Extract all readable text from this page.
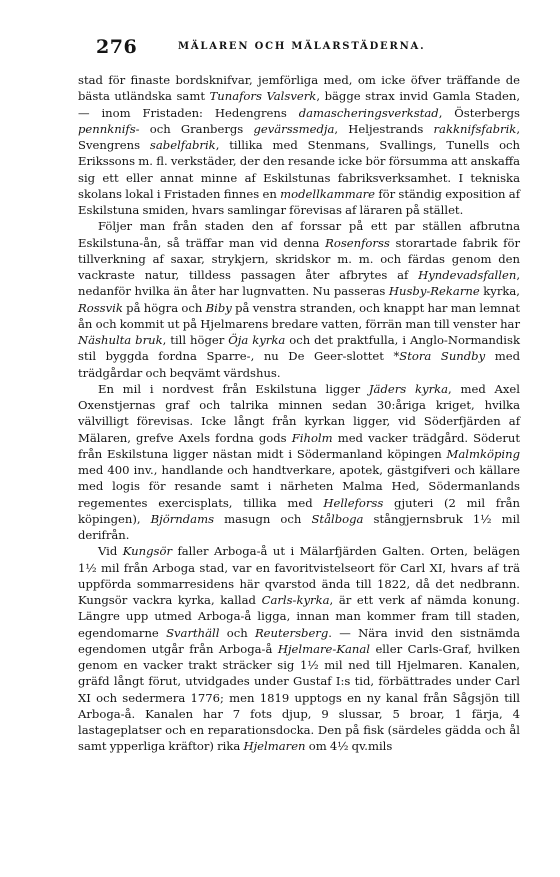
276	MÄLAREN OCH MÄLARSTÄDERNA.

stad för finaste bordsknifvar, jemförliga med, om icke öfver träffande de bästa utländska samt Tunafors Valsverk, bägge strax invid Gamla Staden, — inom Fristaden: Hedengrens damascheringsverkstad, Österbergs pennknifs- och Granbergs gevärssmedja, Heljestrands rakknifsfabrik, Svengrens sabelfabrik, tillika med Stenmans, Svallings, Tunells och Erikssons m. fl. verkstäder, der den resande icke bör försumma att anskaffa sig ett eller annat minne af Eskilstunas fabriksverksamhet. I tekniska skolans lokal i Fristaden finnes en modellkammare för ständig exposition af Eskilstuna smiden, hvars samlingar förevisas af läraren på stället.

Följer man från staden den af forssar på ett par ställen afbrutna Eskilstuna-ån, så träffar man vid denna Rosenforss storartade fabrik för tillverkning af saxar, strykjern, skridskor m. m. och färdas genom den vackraste natur, tilldess passagen åter afbrytes af Hyndevadsfallen, nedanför hvilka än åter har lugnvatten. Nu passeras Husby-Rekarne kyrka, Rossvik på högra och Biby på venstra stranden, och knappt har man lemnat ån och kommit ut på Hjelmarens bredare vatten, förrän man till venster har Näshulta bruk, till höger Öja kyrka och det praktfulla, i Anglo-Normandisk stil byggda fordna Sparre-, nu De Geer-slottet *Stora Sundby med trädgårdar och beqvämt värdshus.

En mil i nordvest från Eskilstuna ligger Jäders kyrka, med Axel Oxenstjernas graf och talrika minnen sedan 30:åriga kriget, hvilka välvilligt förevisas. Icke långt från kyrkan ligger, vid Söderfjärden af Mälaren, grefve Axels fordna gods Fiholm med vacker trädgård. Söderut från Eskilstuna ligger nästan midt i Södermanland köpingen Malmköping med 400 inv., handlande och handtverkare, apotek, gästgifveri och källare med logis för resande samt i närheten Malma Hed, Södermanlands regementes exercisplats, tillika med Helleforss gjuteri (2 mil från köpingen), Björndams masugn och Stålboga stångjernsbruk 1½ mil derifrån.

Vid Kungsör faller Arboga-å ut i Mälarfjärden Galten. Orten, belägen 1½ mil från Arboga stad, var en favoritvistelseort för Carl XI, hvars af trä uppförda sommarresidens här qvarstod ända till 1822, då det nedbrann. Kungsör vackra kyrka, kallad Carls-kyrka, är ett verk af nämda konung. Längre upp utmed Arboga-å ligga, innan man kommer fram till staden, egendomarne Svarthäll och Reutersberg. — Nära invid den sistnämda egendomen utgår från Arboga-å Hjelmare-Kanal eller Carls-Graf, hvilken genom en vacker trakt sträcker sig 1½ mil ned till Hjelmaren. Kanalen, gräfd långt förut, utvidgades under Gustaf I:s tid, förbättrades under Carl XI och sedermera 1776; men 1819 upptogs en ny kanal från Sågsjön till Arboga-å. Kanalen har 7 fots djup, 9 slussar, 5 broar, 1 färja, 4 lastageplatser och en reparationsdocka. Den på fisk (särdeles gädda och ål samt ypperliga kräftor) rika Hjelmaren om 4½ qv.mils
